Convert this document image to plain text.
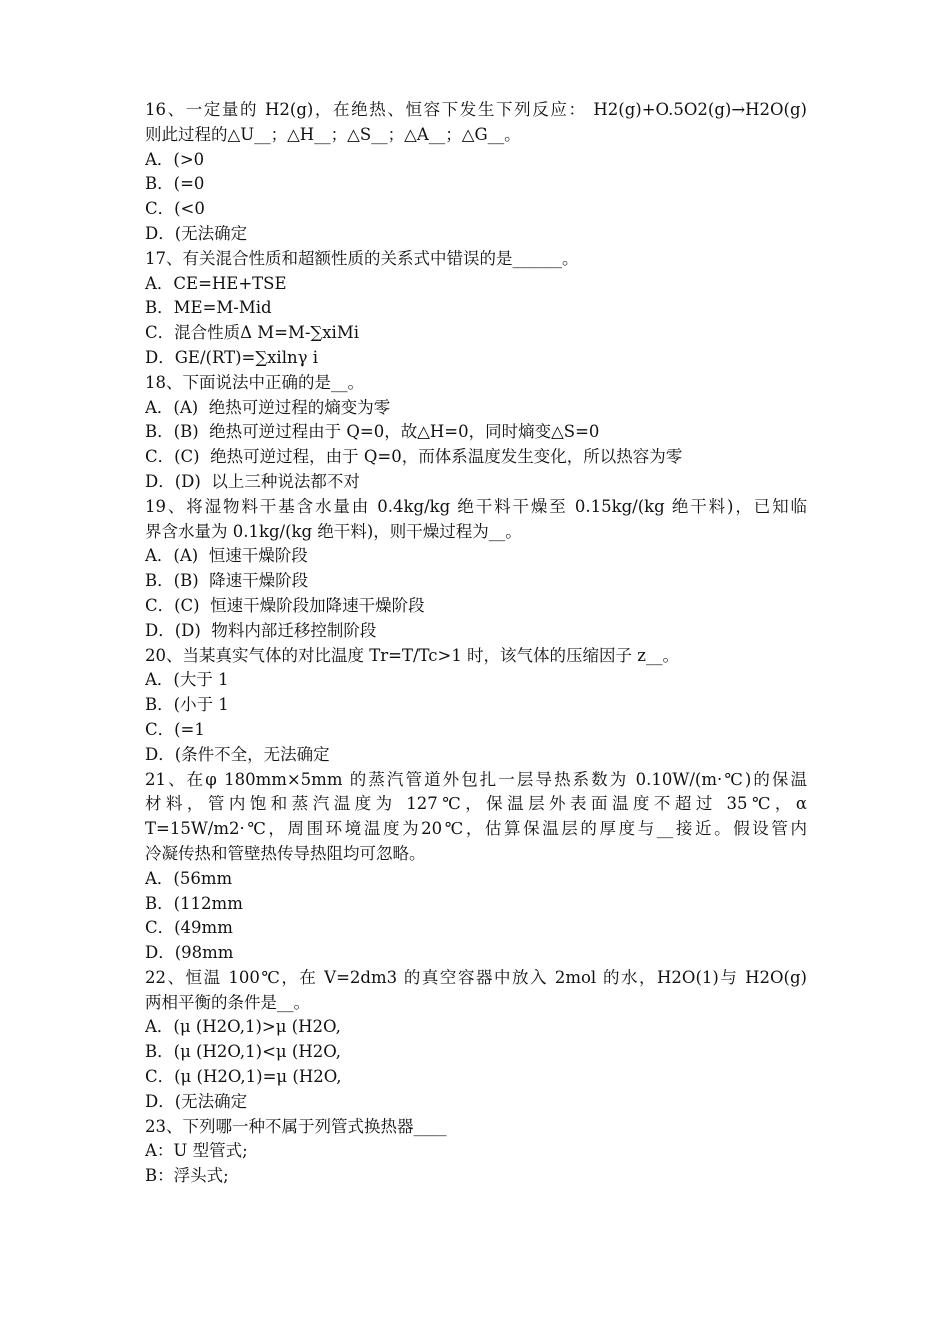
16、一定量的 H2(g)，在绝热、恒容下发生下列反应： H2(g)+O.5O2(g)→H2O(g)
则此过程的△U__；△H__；△S__；△A__；△G__。
A．(>0
B．(=0
C．(<0
D．(无法确定
17、有关混合性质和超额性质的关系式中错误的是______。
A．CE=HE+TSE
B．ME=M-Mid
C．混合性质Δ M=M-∑xiMi
D．GE/(RT)=∑xilnγ i
18、下面说法中正确的是__。
A．(A)  绝热可逆过程的熵变为零
B．(B)  绝热可逆过程由于 Q=0，故△H=0，同时熵变△S=0
C．(C)  绝热可逆过程，由于 Q=0，而体系温度发生变化，所以热容为零
D．(D)  以上三种说法都不对
19、将湿物料干基含水量由 0.4kg/kg 绝干料干燥至 0.15kg/(kg 绝干料)，已知临
界含水量为 0.1kg/(kg 绝干料)，则干燥过程为__。
A．(A)  恒速干燥阶段
B．(B)  降速干燥阶段
C．(C)  恒速干燥阶段加降速干燥阶段
D．(D)  物料内部迁移控制阶段
20、当某真实气体的对比温度 Tr=T/Tc>1 时，该气体的压缩因子 z__。
A．(大于 1
B．(小于 1
C．(=1
D．(条件不全，无法确定
21、在φ 180mm×5mm 的蒸汽管道外包扎一层导热系数为 0.10W/(m·℃)的保温
材料，管内饱和蒸汽温度为 127℃，保温层外表面温度不超过 35℃，α
T=15W/m2·℃，周围环境温度为20℃，估算保温层的厚度与__接近。假设管内
冷凝传热和管壁热传导热阻均可忽略。
A．(56mm
B．(112mm
C．(49mm
D．(98mm
22、恒温 100℃，在 V=2dm3 的真空容器中放入 2mol 的水，H2O(1)与 H2O(g)
两相平衡的条件是__。
A．(μ (H2O,1)>μ (H2O,
B．(μ (H2O,1)<μ (H2O,
C．(μ (H2O,1)=μ (H2O,
D．(无法确定
23、下列哪一种不属于列管式换热器____
A：U 型管式;
B：浮头式;
